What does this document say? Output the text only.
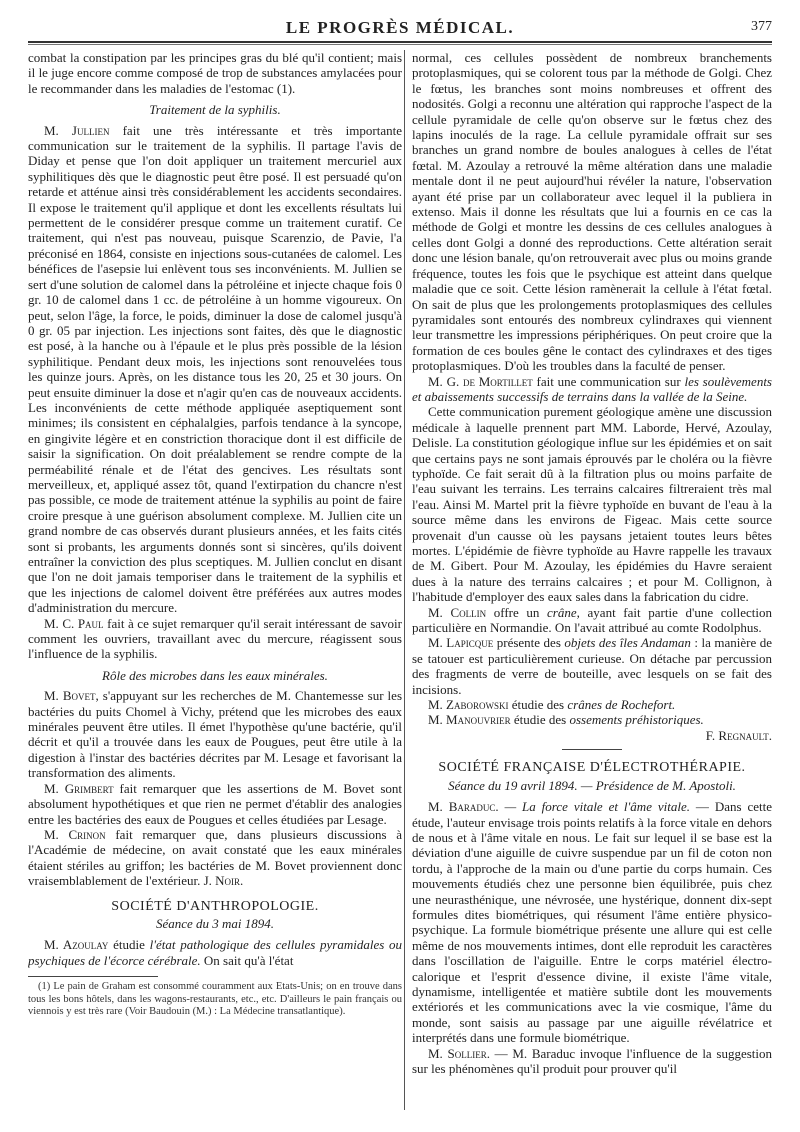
LE PROGRÈS MÉDICAL.	377

combat la constipation par les principes gras du blé qu'il contient; mais il le juge encore comme composé de trop de substances amylacées pour le recommander dans les maladies de l'estomac (1).

Traitement de la syphilis.

M. Jullien fait une très intéressante et très importante communication sur le traitement de la syphilis. Il partage l'avis de Diday et pense que l'on doit appliquer un traitement mercuriel aux syphilitiques dès que le diagnostic peut être posé. Il est persuadé qu'on retarde et atténue ainsi très considérablement les accidents secondaires. Il expose le traitement qu'il applique et dont les excellents résultats lui permettent de le considérer presque comme un traitement curatif. Ce traitement, qui n'est pas nouveau, puisque Scarenzio, de Pavie, l'a préconisé en 1864, consiste en injections sous-cutanées de calomel. Les bénéfices de l'asepsie lui enlèvent tous ses inconvénients. M. Jullien se sert d'une solution de calomel dans la pétroléine et injecte chaque fois 0 gr. 10 de calomel dans 1 cc. de pétroléine à un homme vigoureux. On peut, selon l'âge, la force, le poids, diminuer la dose de calomel jusqu'à 0 gr. 05 par injection. Les injections sont faites, dès que le diagnostic est posé, à la hanche ou à l'épaule et le plus près possible de la lésion syphilitique. Pendant deux mois, les injections sont renouvelées tous les quinze jours. Après, on les distance tous les 20, 25 et 30 jours. On peut ensuite diminuer la dose et n'agir qu'en cas de nouveaux accidents. Les inconvénients de cette méthode appliquée aseptiquement sont minimes; ils consistent en céphalalgies, parfois tendance à la syncope, en gingivite légère et en constriction thoracique dont il est difficile de saisir la signification. On doit préalablement se rendre compte de la perméabilité rénale et de l'état des gencives. Les résultats sont merveilleux, et, appliqué assez tôt, quand l'extirpation du chancre n'est pas possible, ce mode de traitement atténue la syphilis au point de faire croire presque à une guérison absolument complexe. M. Jullien cite un grand nombre de cas observés durant plusieurs années, et les faits cités sont si probants, les arguments donnés sont si sincères, qu'ils doivent entraîner la conviction des plus sceptiques. M. Jullien conclut en disant que l'on ne doit jamais temporiser dans le traitement de la syphilis et que les injections de calomel doivent être préférées aux autres modes d'administration du mercure.

M. C. Paul fait à ce sujet remarquer qu'il serait intéressant de savoir comment les ouvriers, travaillant avec du mercure, réagissent sous l'influence de la syphilis.

Rôle des microbes dans les eaux minérales.

M. Bovet, s'appuyant sur les recherches de M. Chantemesse sur les bactéries du puits Chomel à Vichy, prétend que les microbes des eaux minérales peuvent être utiles. Il émet l'hypothèse qu'une bactérie, qu'il décrit et qu'il a trouvée dans les eaux de Pougues, peut être utile à la digestion à l'instar des bactéries décrites par M. Lesage et favorisant la transformation des aliments.

M. Grimbert fait remarquer que les assertions de M. Bovet sont absolument hypothétiques et que rien ne permet d'établir des analogies entre les bactéries des eaux de Pougues et celles étudiées par Lesage.

M. Crinon fait remarquer que, dans plusieurs discussions à l'Académie de médecine, on avait constaté que les eaux minérales étaient stériles au griffon; les bactéries de M. Bovet proviennent donc vraisemblablement de l'extérieur. J. Noir.

SOCIÉTÉ D'ANTHROPOLOGIE.
Séance du 3 mai 1894.

M. Azoulay étudie l'état pathologique des cellules pyramidales ou psychiques de l'écorce cérébrale. On sait qu'à l'état

(1) Le pain de Graham est consommé couramment aux Etats-Unis; on en trouve dans tous les bons hôtels, dans les wagons-restaurants, etc., etc. D'ailleurs le pain français ou viennois y est très rare (Voir Baudouin (M.) : La Médecine transatlantique).

normal, ces cellules possèdent de nombreux branchements protoplasmiques, qui se colorent tous par la méthode de Golgi. Chez le fœtus, les branches sont moins nombreuses et offrent des nodosités. Golgi a reconnu une altération qui rapproche l'aspect de la cellule pyramidale de celle qu'on observe sur le fœtus chez des lapins inoculés de la rage. La cellule pyramidale offrait sur ses branches un grand nombre de boules analogues à celles de l'état fœtal. M. Azoulay a retrouvé la même altération dans une maladie mentale dont il ne peut aujourd'hui révéler la nature, l'observation ayant été prise par un collaborateur avec lequel il la publiera in extenso. Mais il donne les résultats que lui a fournis en ce cas la méthode de Golgi et montre les dessins de ces cellules analogues à celles dont Golgi a donné des reproductions. Cette altération serait donc une lésion banale, qu'on retrouverait avec plus ou moins grande fréquence, toutes les fois que le psychique est atteint dans quelque maladie que ce soit. Cette lésion ramènerait la cellule à l'état fœtal. On sait de plus que les prolongements protoplasmiques des cellules pyramidales sont entourés des nombreux cylindraxes qui viennent leur transmettre les impressions périphériques. On peut croire que la formation de ces boules gêne le contact des cylindraxes et des tiges protoplasmiques. D'où les troubles dans la faculté de penser.

M. G. de Mortillet fait une communication sur les soulèvements et abaissements successifs de terrains dans la vallée de la Seine.

Cette communication purement géologique amène une discussion médicale à laquelle prennent part MM. Laborde, Hervé, Azoulay, Delisle. La constitution géologique influe sur les épidémies et on sait que certains pays ne sont jamais éprouvés par le choléra ou la fièvre typhoïde. Ce fait serait dû à la filtration plus ou moins parfaite de l'eau suivant les terrains. Les terrains calcaires filtreraient très mal l'eau. Ainsi M. Martel prit la fièvre typhoïde en buvant de l'eau à la source même dans les environs de Figeac. Mais cette source provenait d'un causse où les paysans jetaient toutes leurs bêtes mortes. L'épidémie de fièvre typhoïde au Havre rappelle les travaux de M. Gibert. Pour M. Azoulay, les épidémies du Havre seraient dues à la nature des terrains calcaires ; et pour M. Collignon, à l'habitude d'employer des eaux sales dans la fabrication du cidre.

M. Collin offre un crâne, ayant fait partie d'une collection particulière en Normandie. On l'avait attribué au comte Rodolphus.

M. Lapicque présente des objets des îles Andaman : la manière de se tatouer est particulièrement curieuse. On détache par percussion des fragments de verre de bouteille, avec lesquels on se fait des incisions.

M. Zaborowski étudie des crânes de Rochefort.

M. Manouvrier étudie des ossements préhistoriques.

F. Regnault.

SOCIÉTÉ FRANÇAISE D'ÉLECTROTHÉRAPIE.
Séance du 19 avril 1894. — Présidence de M. Apostoli.

M. Baraduc. — La force vitale et l'âme vitale. — Dans cette étude, l'auteur envisage trois points relatifs à la force vitale en dehors de nous et à l'âme vitale en nous. Le fait sur lequel il se base est la déviation d'une aiguille de cuivre suspendue par un fil de coton non tordu, à l'approche de la main ou d'une partie du corps humain. Ces mouvements étudiés chez une personne bien équilibrée, puis chez une neurasthénique, une névrosée, une hystérique, donnent dix-sept formules dites biométriques, qui résument l'âme entière physico-psychique. La formule biométrique présente une allure qui est celle même de nos mouvements intimes, dont elle reproduit les caractères dans l'oscillation de l'aiguille. Entre le corps matériel électro-calorique et l'esprit d'essence divine, il existe l'âme vitale, dynamisme, intelligentée et matière subtile dont les mouvements extériorés et les communications avec la vie cosmique, l'âme du monde, sont saisis au passage par une aiguille révélatrice et interprétés dans une formule biométrique.

M. Sollier. — M. Baraduc invoque l'influence de la suggestion sur les phénomènes qu'il produit pour prouver qu'il
